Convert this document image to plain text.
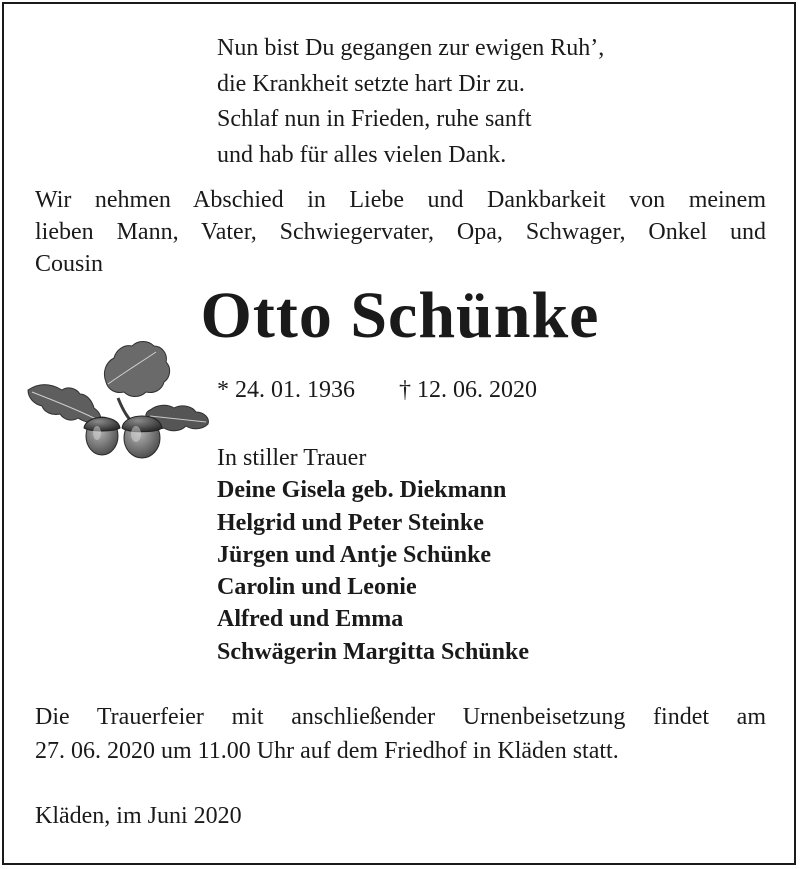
Nun bist Du gegangen zur ewigen Ruh’,
die Krankheit setzte hart Dir zu.
Schlaf nun in Frieden, ruhe sanft
und hab für alles vielen Dank.
Wir nehmen Abschied in Liebe und Dankbarkeit von meinem
lieben Mann, Vater, Schwiegervater, Opa, Schwager, Onkel und
Cousin
Otto Schünke
* 24. 01. 1936 † 12. 06. 2020
In stiller Trauer
Deine Gisela geb. Diekmann
Helgrid und Peter Steinke
Jürgen und Antje Schünke
Carolin und Leonie
Alfred und Emma
Schwägerin Margitta Schünke
Die Trauerfeier mit anschließender Urnenbeisetzung findet am
27. 06. 2020 um 11.00 Uhr auf dem Friedhof in Kläden statt.
Kläden, im Juni 2020
